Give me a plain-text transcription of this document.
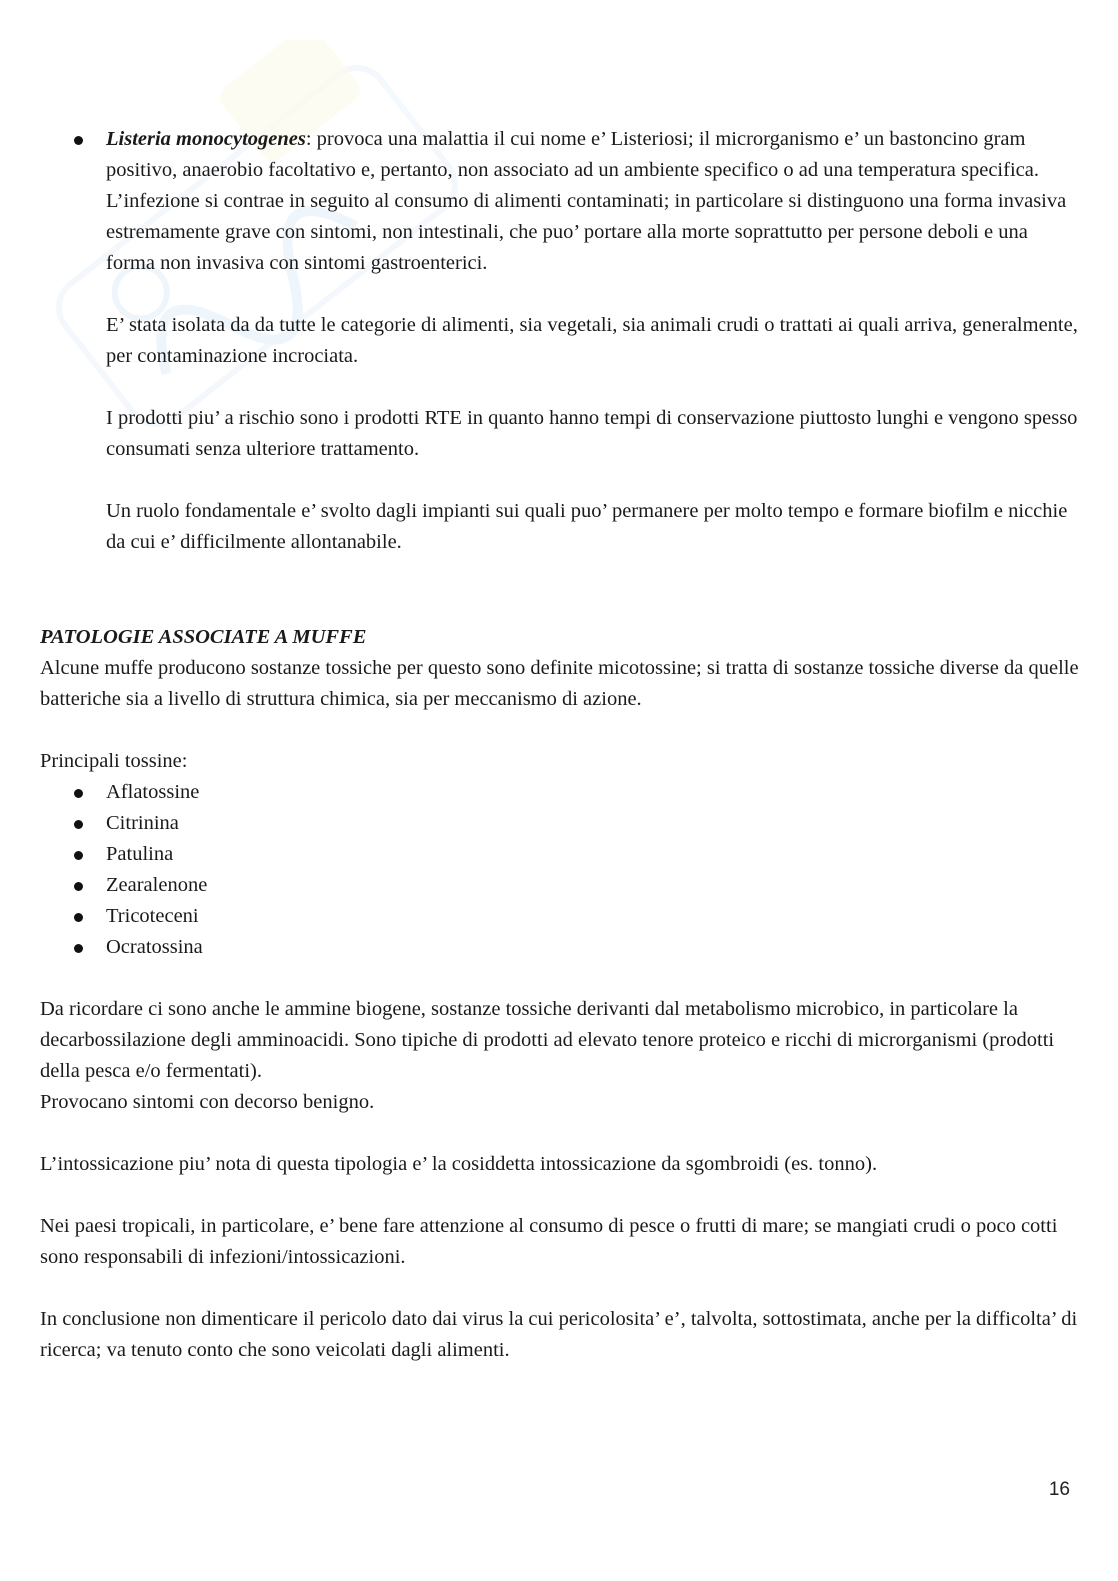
Listeria monocytogenes: provoca una malattia il cui nome e’ Listeriosi; il microrganismo e’ un bastoncino gram positivo, anaerobio facoltativo e, pertanto, non associato ad un ambiente specifico o ad una temperatura specifica.

L’infezione si contrae in seguito al consumo di alimenti contaminati; in particolare si distinguono una forma invasiva estremamente grave con sintomi, non intestinali, che puo’ portare alla morte soprattutto per persone deboli e una forma non invasiva con sintomi gastroenterici.

E’ stata isolata da da tutte le categorie di alimenti, sia vegetali, sia animali crudi o trattati ai quali arriva, generalmente, per contaminazione incrociata.

I prodotti piu’ a rischio sono i prodotti RTE in quanto hanno tempi di conservazione piuttosto lunghi e vengono spesso consumati senza ulteriore trattamento.

Un ruolo fondamentale e’ svolto dagli impianti sui quali puo’ permanere per molto tempo e formare biofilm e nicchie da cui e’ difficilmente allontanabile.

PATOLOGIE ASSOCIATE A MUFFE

Alcune muffe producono sostanze tossiche per questo sono definite micotossine; si tratta di sostanze tossiche diverse da quelle batteriche sia a livello di struttura chimica, sia per meccanismo di azione.

Principali tossine:

Aflatossine
Citrinina
Patulina
Zearalenone
Tricoteceni
Ocratossina

Da ricordare ci sono anche le ammine biogene, sostanze tossiche derivanti dal metabolismo microbico, in particolare la decarbossilazione degli amminoacidi. Sono tipiche di prodotti ad elevato tenore proteico e ricchi di microrganismi (prodotti della pesca e/o fermentati).

Provocano sintomi con decorso benigno.

L’intossicazione piu’ nota di questa tipologia e’ la cosiddetta intossicazione da sgombroidi (es. tonno).

Nei paesi tropicali, in particolare, e’ bene fare attenzione al consumo di pesce o frutti di mare; se mangiati crudi o poco cotti sono responsabili di infezioni/intossicazioni.

In conclusione non dimenticare il pericolo dato dai virus la cui pericolosita’ e’, talvolta, sottostimata, anche per la difficolta’ di ricerca; va tenuto conto che sono veicolati dagli alimenti.

16
